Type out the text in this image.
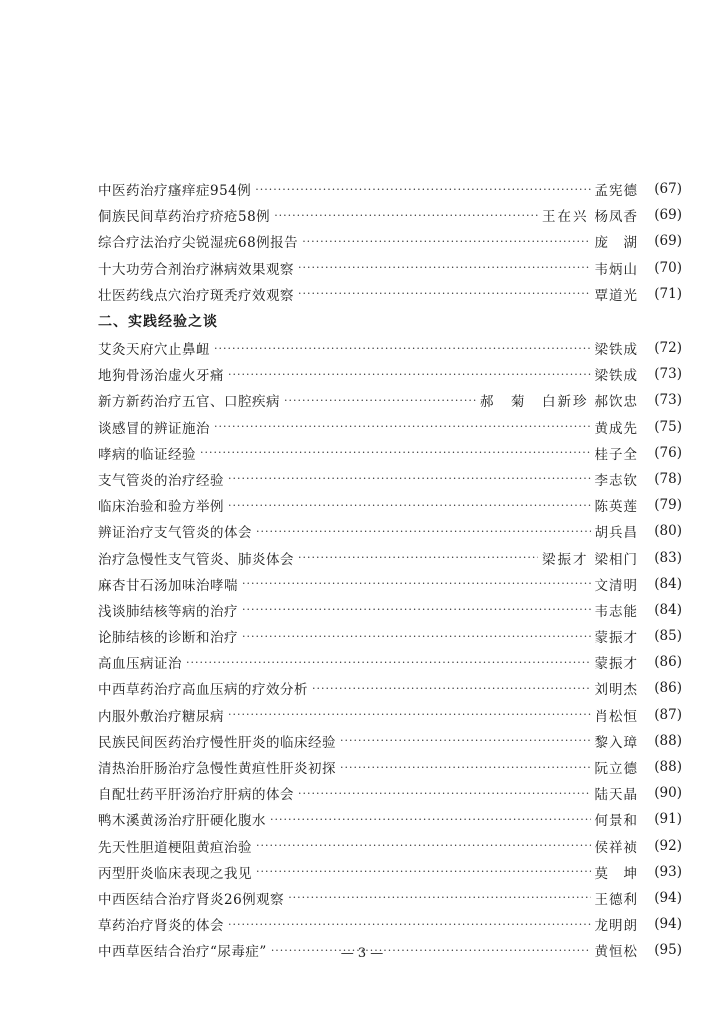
中医药治疗瘙痒症954例 ·····	孟宪德	(67)
侗族民间草药治疗疥疮58例 ·····	王在兴 杨凤香	(69)
综合疗法治疗尖锐湿疣68例报告 ·····	庞　湖	(69)
十大功劳合剂治疗淋病效果观察 ·····	韦炳山	(70)
壮医药线点穴治疗斑秃疗效观察 ·····	覃道光	(71)
二、实践经验之谈
艾灸天府穴止鼻衄 ·····	梁铁成	(72)
地狗骨汤治虚火牙痛 ·····	梁铁成	(73)
新方新药治疗五官、口腔疾病 ·····	郝　菊　白新珍 郝饮忠	(73)
谈感冒的辨证施治 ·····	黄成先	(75)
哮病的临证经验 ·····	桂子全	(76)
支气管炎的治疗经验 ·····	李志钦	(78)
临床治验和验方举例 ·····	陈英莲	(79)
辨证治疗支气管炎的体会 ·····	胡兵昌	(80)
治疗急慢性支气管炎、肺炎体会 ·····	梁振才 梁相门	(83)
麻杏甘石汤加味治哮喘 ·····	文清明	(84)
浅谈肺结核等病的治疗 ·····	韦志能	(84)
论肺结核的诊断和治疗 ·····	蒙振才	(85)
高血压病证治 ·····	蒙振才	(86)
中西草药治疗高血压病的疗效分析 ·····	刘明杰	(86)
内服外敷治疗糖尿病 ·····	肖松恒	(87)
民族民间医药治疗慢性肝炎的临床经验 ·····	黎入璋	(88)
清热治肝肠治疗急慢性黄疸性肝炎初探 ·····	阮立德	(88)
自配壮药平肝汤治疗肝病的体会 ·····	陆天晶	(90)
鸭木溪黄汤治疗肝硬化腹水 ·····	何景和	(91)
先天性胆道梗阻黄疸治验 ·····	侯祥祯	(92)
丙型肝炎临床表现之我见 ·····	莫　坤	(93)
中西医结合治疗肾炎26例观察 ·····	王德利	(94)
草药治疗肾炎的体会 ·····	龙明朗	(94)
中西草医结合治疗“尿毒症” ·····	黄恒松	(95)
— 3 —
